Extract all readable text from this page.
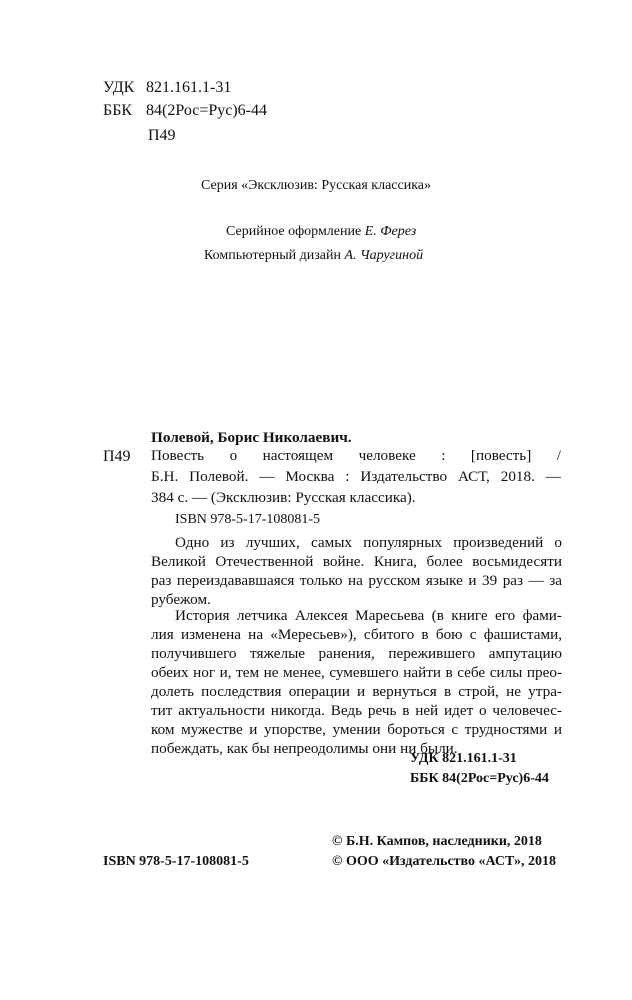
УДК 821.161.1-31
ББК 84(2Рос=Рус)6-44
П49
Серия «Эксклюзив: Русская классика»
Серийное оформление Е. Ферез
Компьютерный дизайн А. Чаругиной
Полевой, Борис Николаевич.
П49 Повесть о настоящем человеке : [повесть] /
Б.Н. Полевой. — Москва : Издательство АСТ, 2018. —
384 с. — (Эксклюзив: Русская классика).
ISBN 978-5-17-108081-5
Одно из лучших, самых популярных произведений о
Великой Отечественной войне. Книга, более восьмидесяти
раз переиздававшаяся только на русском языке и 39 раз — за
рубежом.
История летчика Алексея Маресьева (в книге его фами-
лия изменена на «Мересьев»), сбитого в бою с фашистами,
получившего тяжелые ранения, пережившего ампутацию
обеих ног и, тем не менее, сумевшего найти в себе силы прео-
долеть последствия операции и вернуться в строй, не утра-
тит актуальности никогда. Ведь речь в ней идет о человечес-
ком мужестве и упорстве, умении бороться с трудностями и
побеждать, как бы непреодолимы они ни были.
УДК 821.161.1-31
ББК 84(2Рос=Рус)6-44
© Б.Н. Кампов, наследники, 2018
© ООО «Издательство «АСТ», 2018
ISBN 978-5-17-108081-5
